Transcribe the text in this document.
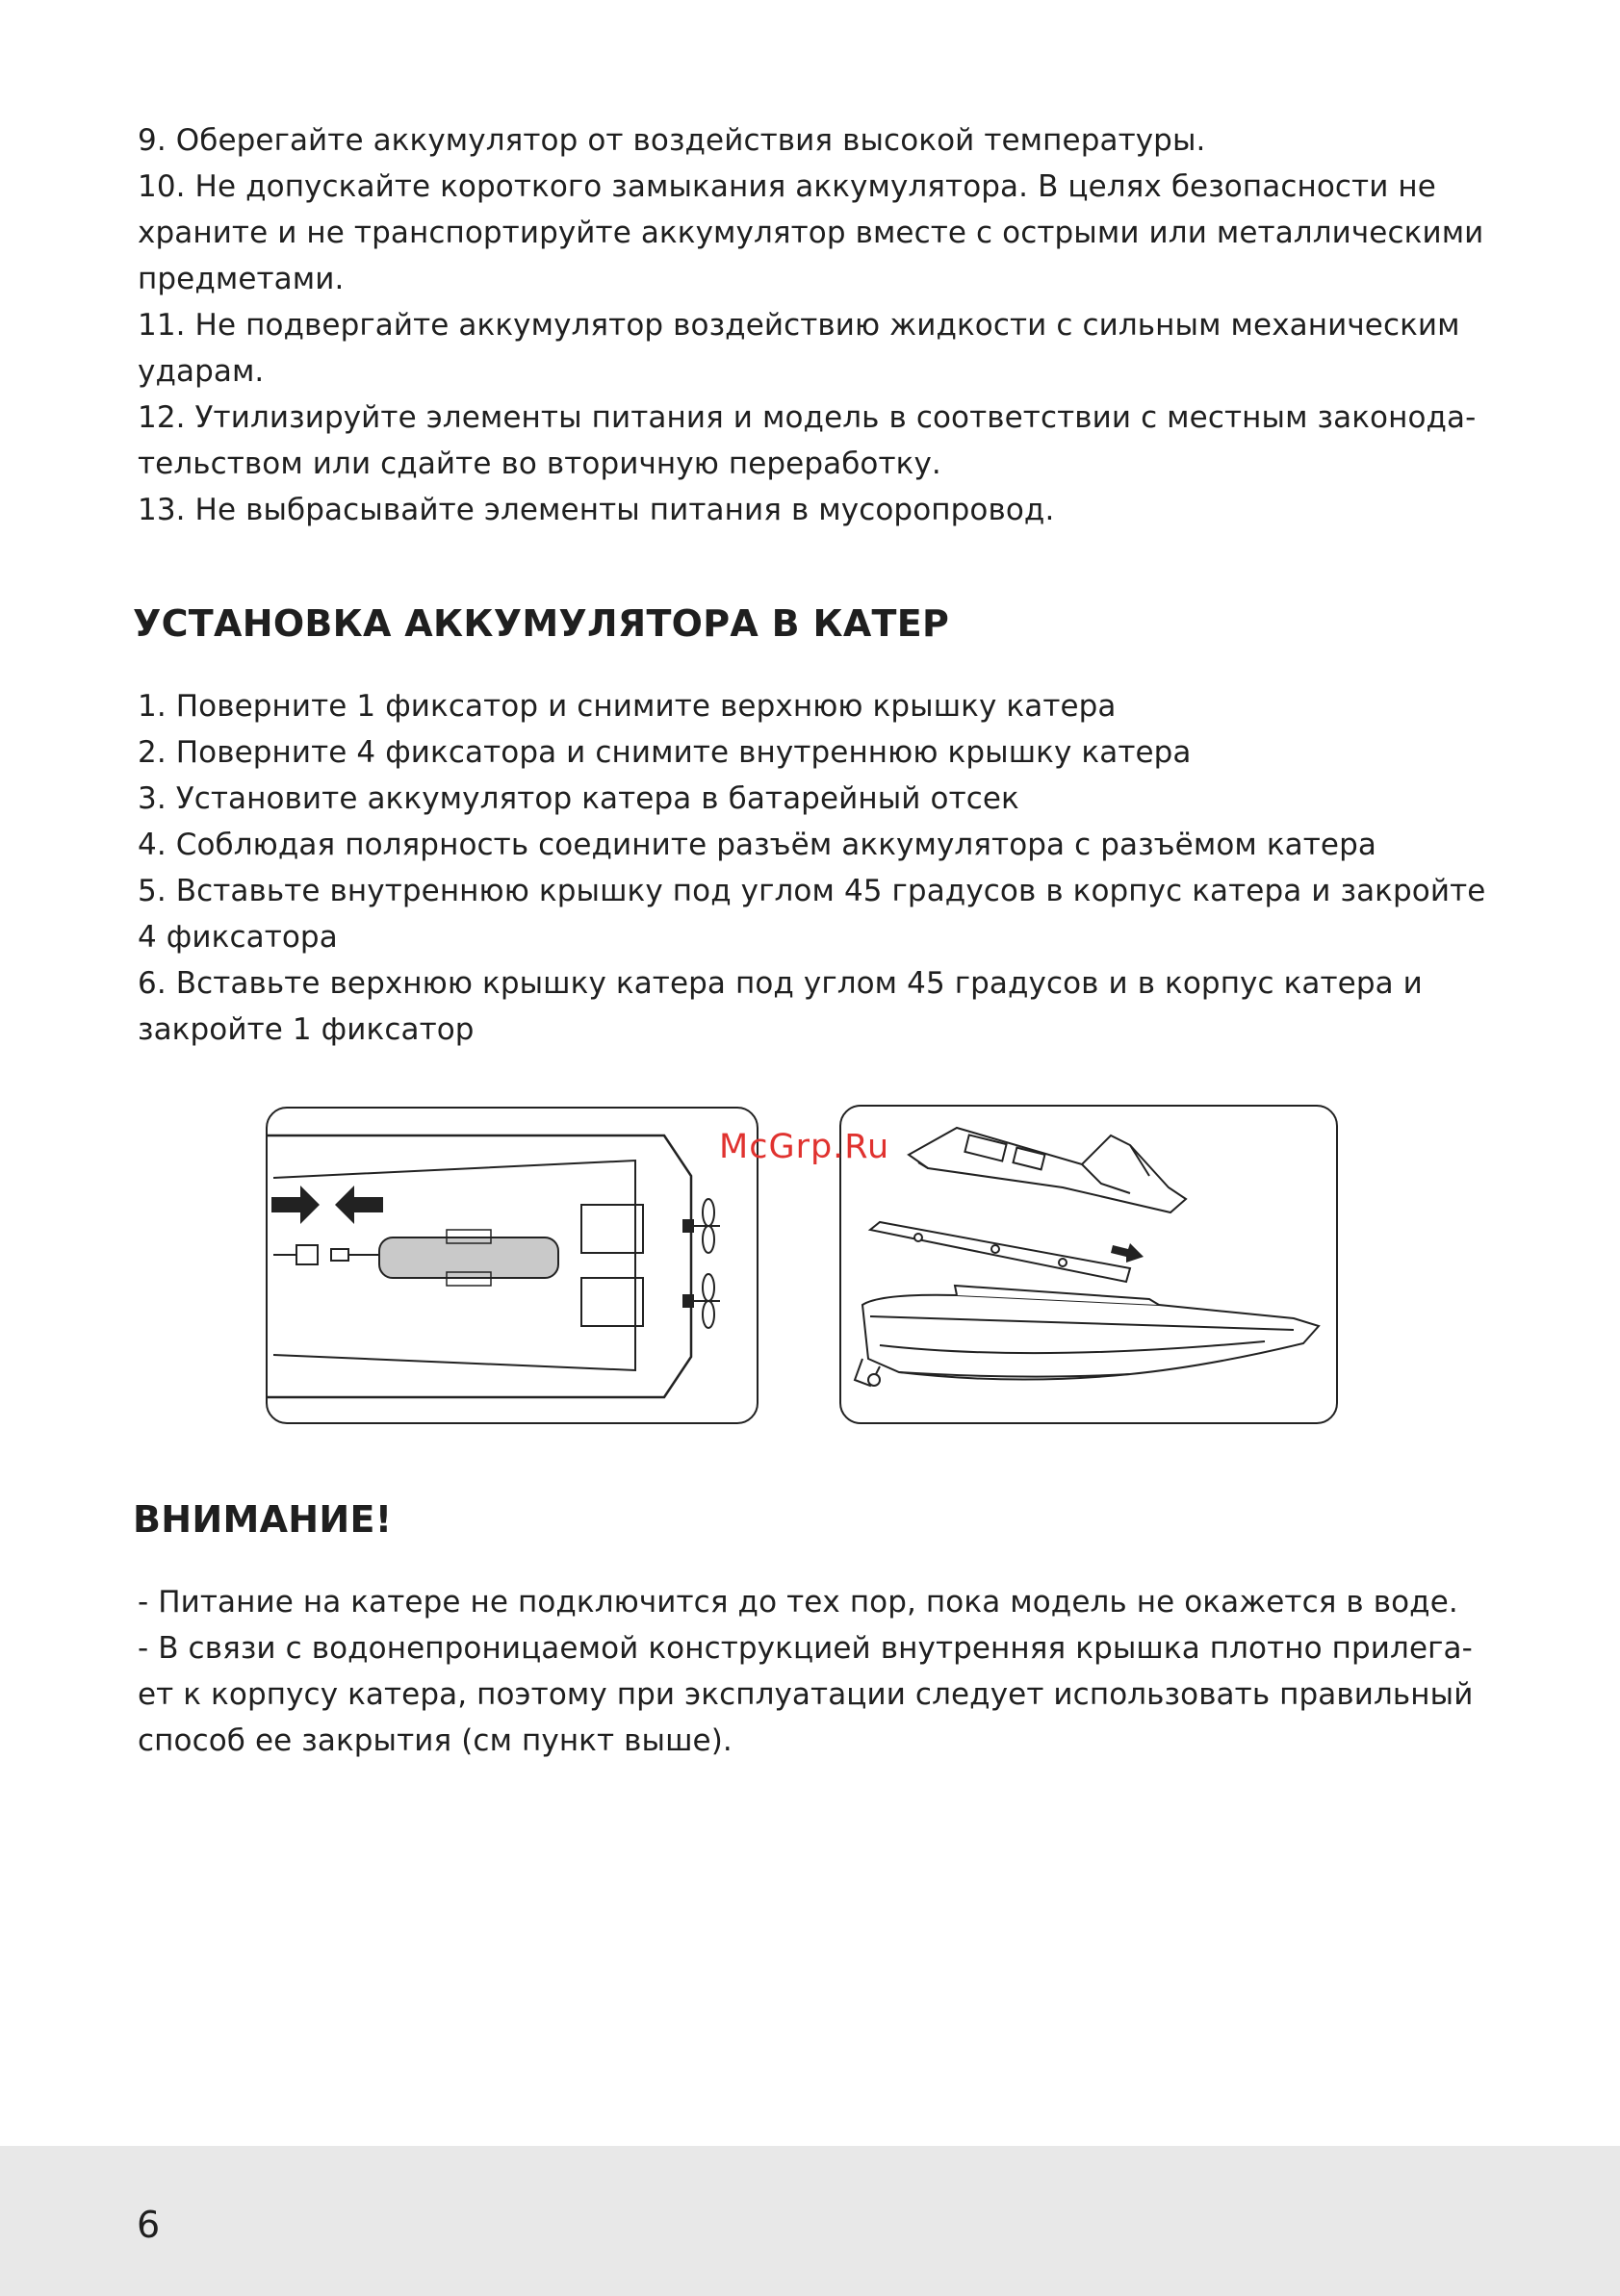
9. Оберегайте аккумулятор от воздействия высокой температуры.
10. Не допускайте короткого замыкания аккумулятора. В целях безопасности не
храните и не транспортируйте аккумулятор вместе с острыми или металлическими
предметами.
11. Не подвергайте аккумулятор воздействию жидкости с сильным механическим
ударам.
12. Утилизируйте элементы питания и модель в соответствии с местным законода-
тельством или сдайте во вторичную переработку.
13. Не выбрасывайте элементы питания в мусоропровод.
УСТАНОВКА АККУМУЛЯТОРА В КАТЕР
1. Поверните 1 фиксатор и снимите верхнюю крышку катера
2. Поверните 4 фиксатора и снимите внутреннюю крышку катера
3. Установите аккумулятор катера в батарейный отсек
4. Соблюдая полярность соедините разъём аккумулятора с разъёмом катера
5. Вставьте внутреннюю крышку под углом 45 градусов в корпус катера и закройте
4 фиксатора
6. Вставьте верхнюю крышку катера под углом 45 градусов и в корпус катера и
закройте 1 фиксатор
McGrp.Ru
ВНИМАНИЕ!
- Питание на катере не подключится до тех пор, пока модель не окажется в воде.
- В связи с водонепроницаемой конструкцией внутренняя крышка плотно прилега-
ет к корпусу катера, поэтому при эксплуатации следует использовать правильный
способ ее закрытия (см пункт выше).
6
